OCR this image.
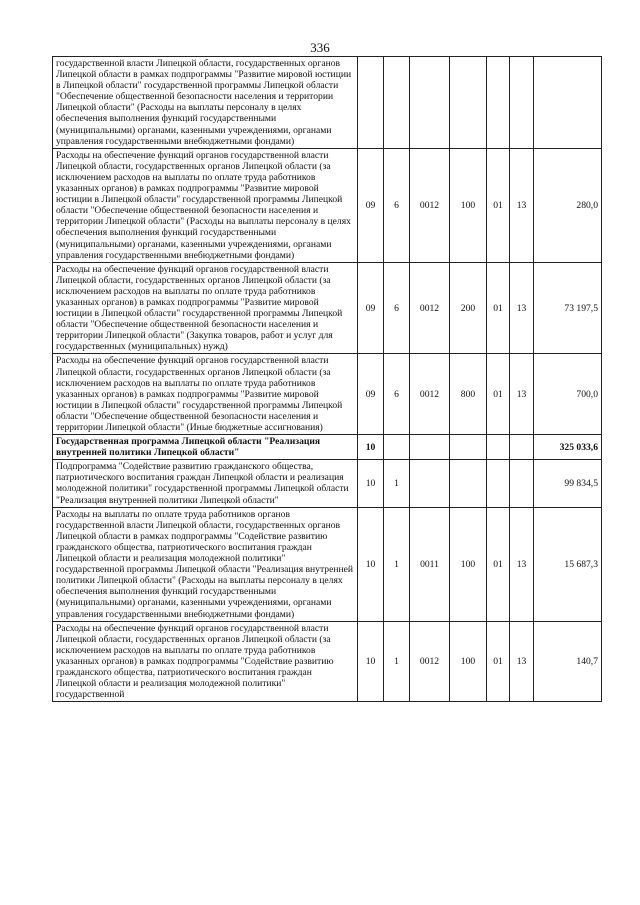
336
государственной власти Липецкой области, государственных органов Липецкой области в рамках подпрограммы "Развитие мировой юстиции в Липецкой области" государственной программы Липецкой области "Обеспечение общественной безопасности населения и территории Липецкой области" (Расходы на выплаты персоналу в целях обеспечения выполнения функций государственными (муниципальными) органами, казенными учреждениями, органами управления государственными внебюджетными фондами)							
Расходы на обеспечение функций органов государственной власти Липецкой области, государственных органов Липецкой области (за исключением расходов на выплаты по оплате труда работников указанных органов) в рамках подпрограммы "Развитие мировой юстиции в Липецкой области" государственной программы Липецкой области "Обеспечение общественной безопасности населения и территории Липецкой области" (Расходы на выплаты персоналу в целях обеспечения выполнения функций государственными (муниципальными) органами, казенными учреждениями, органами управления государственными внебюджетными фондами)	09	6	0012	100	01	13	280,0
Расходы на обеспечение функций органов государственной власти Липецкой области, государственных органов Липецкой области (за исключением расходов на выплаты по оплате труда работников указанных органов) в рамках подпрограммы "Развитие мировой юстиции в Липецкой области" государственной программы Липецкой области "Обеспечение общественной безопасности населения и территории Липецкой области" (Закупка товаров, работ и услуг для государственных (муниципальных) нужд)	09	6	0012	200	01	13	73 197,5
Расходы на обеспечение функций органов государственной власти Липецкой области, государственных органов Липецкой области (за исключением расходов на выплаты по оплате труда работников указанных органов) в рамках подпрограммы "Развитие мировой юстиции в Липецкой области" государственной программы Липецкой области "Обеспечение общественной безопасности населения и территории Липецкой области" (Иные бюджетные ассигнования)	09	6	0012	800	01	13	700,0
Государственная программа Липецкой области "Реализация внутренней политики Липецкой области"	10						325 033,6
Подпрограмма "Содействие развитию гражданского общества, патриотического воспитания граждан Липецкой области и реализация молодежной политики" государственной программы Липецкой области "Реализация внутренней политики Липецкой области"	10	1					99 834,5
Расходы на выплаты по оплате труда работников органов государственной власти Липецкой области, государственных органов Липецкой области в рамках подпрограммы "Содействие развитию гражданского общества, патриотического воспитания граждан Липецкой области и реализация молодежной политики" государственной программы Липецкой области "Реализация внутренней политики Липецкой области" (Расходы на выплаты персоналу в целях обеспечения выполнения функций государственными (муниципальными) органами, казенными учреждениями, органами управления государственными внебюджетными фондами)	10	1	0011	100	01	13	15 687,3
Расходы на обеспечение функций органов государственной власти Липецкой области, государственных органов Липецкой области (за исключением расходов на выплаты по оплате труда работников указанных органов) в рамках подпрограммы "Содействие развитию гражданского общества, патриотического воспитания граждан Липецкой области и реализация молодежной политики" государственной	10	1	0012	100	01	13	140,7
